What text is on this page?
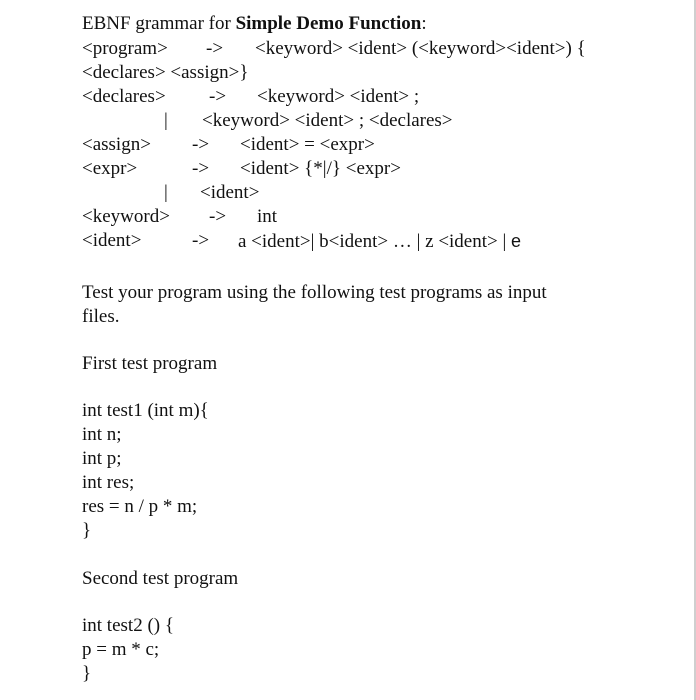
EBNF grammar for Simple Demo Function:
<program> -> <keyword> <ident> (<keyword><ident>) {
<declares> <assign>}
<declares> -> <keyword> <ident> ;
| <keyword> <ident> ; <declares>
<assign> -> <ident> = <expr>
<expr>	-> <ident> {*|/} <expr>
| <ident>
<keyword> -> int
<ident>	-> a <ident>| b<ident> … | z <ident> | e
Test your program using the following test programs as input
files.
First test program
int test1 (int m){
int n;
int p;
int res;
res = n / p * m;
}
Second test program
int test2 () {
p = m * c;
}
